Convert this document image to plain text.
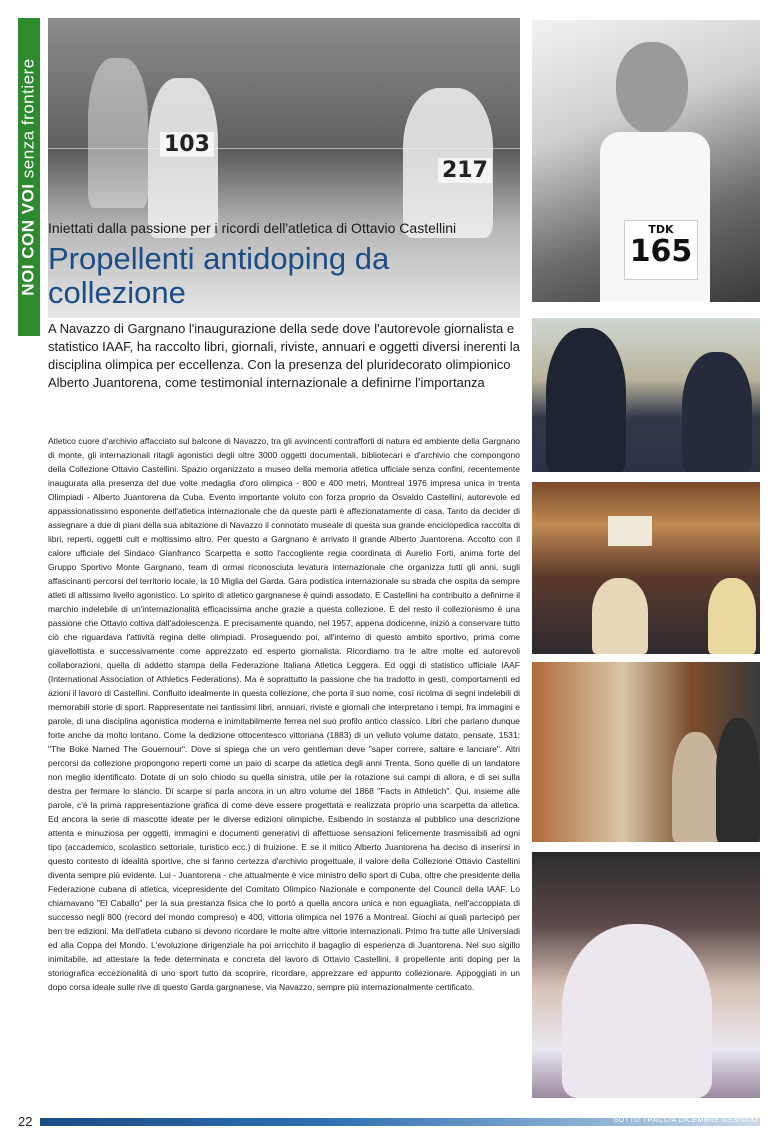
NOI CON VOI senza frontiere	103
217
Iniettati dalla passione per i ricordi dell'atletica di Ottavio Castellini
Propellenti antidoping da collezione
TDK
165
A Navazzo di Gargnano l'inaugurazione della sede dove l'autorevole giornalista e statistico IAAF, ha raccolto libri, giornali, riviste, annuari e oggetti diversi inerenti la disciplina olimpica per eccellenza. Con la presenza del pluridecorato olimpionico Alberto Juantorena, come testimonial internazionale a definirne l'importanza
Atletico cuore d'archivio affacciato sul balcone di Navazzo, tra gli avvincenti contrafforti di natura ed ambiente della Gargnano di monte, gli internazionali ritagli agonistici degli oltre 3000 oggetti documentali, bibliotecari e d'archivio che compongono della Collezione Ottavio Castellini. Spazio organizzato a museo della memoria atletica ufficiale senza confini, recentemente inaugurata alla presenza del due volte medaglia d'oro olimpica - 800 e 400 metri, Montreal 1976 impresa unica in trenta Olimpiadi - Alberto Juantorena da Cuba. Evento importante voluto con forza proprio da Osvaldo Castellini, autorevole ed appassionatissimo esponente dell'atletica internazionale che da queste parti è affezionatamente di casa. Tanto da decider di assegnare a due di piani della sua abitazione di Navazzo il connotato museale di questa sua grande enciclopedica raccolta di libri, reperti, oggetti cult e moltissimo altro. Per questo a Gargnano è arrivato il grande Alberto Juantorena. Accolto con il calore ufficiale del Sindaco Gianfranco Scarpetta e sotto l'accogliente regia coordinata di Aurelio Forti, anima forte del Gruppo Sportivo Monte Gargnano, team di ormai riconosciuta levatura internazionale che organizza tutti gli anni, sugli affascinanti percorsi del territorio locale, la 10 Miglia del Garda. Gara podistica internazionale su strada che ospita da sempre atleti di altissimo livello agonistico. Lo spirito di atletico gargnanese è quindi assodato. E Castellini ha contribuito a definirne il marchio indelebile di un'internazionalità efficacissima anche grazie a questa collezione. E del resto il collezionismo è una passione che Ottavio coltiva dall'adolescenza. E precisamente quando, nel 1957, appena dodicenne, iniziò a conservare tutto ciò che riguardava l'attività regina delle olimpiadi. Proseguendo poi, all'interno di questo ambito sportivo, prima come giavellottista e successivamente come apprezzato ed esperto giornalista. Ricordiamo tra le altre molte ed autorevoli collaborazioni, quella di addetto stampa della Federazione Italiana Atletica Leggera. Ed oggi di statistico ufficiale IAAF (International Association of Athletics Federations). Ma è soprattutto la passione che ha tradotto in gesti, comportamenti ed azioni il lavoro di Castellini. Confluito idealmente in questa collezione, che porta il suo nome, così ricolma di segni indelebili di memorabili storie di sport. Rappresentate nei tantissimi libri, annuari, riviste e giornali che interpretano i tempi, fra immagini e parole, di una disciplina agonistica moderna e inimitabilmente ferrea nel suo profilo antico classico. Libri che parlano dunque forte anche da molto lontano. Come la dedizione ottocentesco vittoriana (1883) di un velluto volume datato, pensate, 1531: "The Boke Named The Gouernour". Dove si spiega che un vero gentleman deve "saper correre, saltare e lanciare". Altri percorsi da collezione propongono reperti come un paio di scarpe da atletica degli anni Trenta. Sono quelle di un landatore non meglio identificato. Dotate di un solo chiodo su quella sinistra, utile per la rotazione sui campi di allora, e di sei sulla destra per fermare lo slancio. Di scarpe si parla ancora in un altro volume del 1868 "Facts in Athletich". Qui, insieme alle parole, c'è la prima rappresentazione grafica di come deve essere progettata e realizzata proprio una scarpetta da atletica. Ed ancora la serie di mascotte ideate per le diverse edizioni olimpiche. Esibendo in sostanza al pubblico una descrizione attenta e minuziosa per oggetti, immagini e documenti generativi di affettuose sensazioni felicemente trasmissibili ad ogni tipo (accademico, scolastico settoriale, turistico ecc.) di fruizione. E se il mitico Alberto Juantorena ha deciso di inserirsi in questo contesto di idealità sportive, che si fanno certezza d'archivio progettuale, il valore della Collezione Ottavio Castellini diventa sempre più evidente. Lui - Juantorena - che attualmente è vice ministro dello sport di Cuba, oltre che presidente della Federazione cubana di atletica, vicepresidente del Comitato Olimpico Nazionale e componente del Council della IAAF. Lo chiamavano "El Caballo" per la sua prestanza fisica che lo portò a quella ancora unica e non eguagliata, nell'accoppiata di successo negli 800 (record del mondo compreso) e 400, vittoria olimpica nel 1976 a Montreal. Giochi ai quali partecipò per ben tre edizioni. Ma dell'atleta cubano si devono ricordare le molte altre vittorie internazionali. Primo fra tutte alle Universiadi ed alla Coppa del Mondo. L'evoluzione dirigenziale ha poi arricchito il bagaglio di esperienza di Juantorena. Nel suo sigillo inimitabile, ad attestare la fede determinata e concreta del lavoro di Ottavio Castellini, il propellente anti doping per la storiografica eccezionalità di uno sport tutto da scoprire, ricordare, apprezzare ed appunto collezionare. Appoggiati in un dopo corsa ideale sulle rive di questo Garda gargnanese, via Navazzo, sempre più internazionalmente certificato.
22	SOTTO TRACCIA DICEMBRE GENNAIO
